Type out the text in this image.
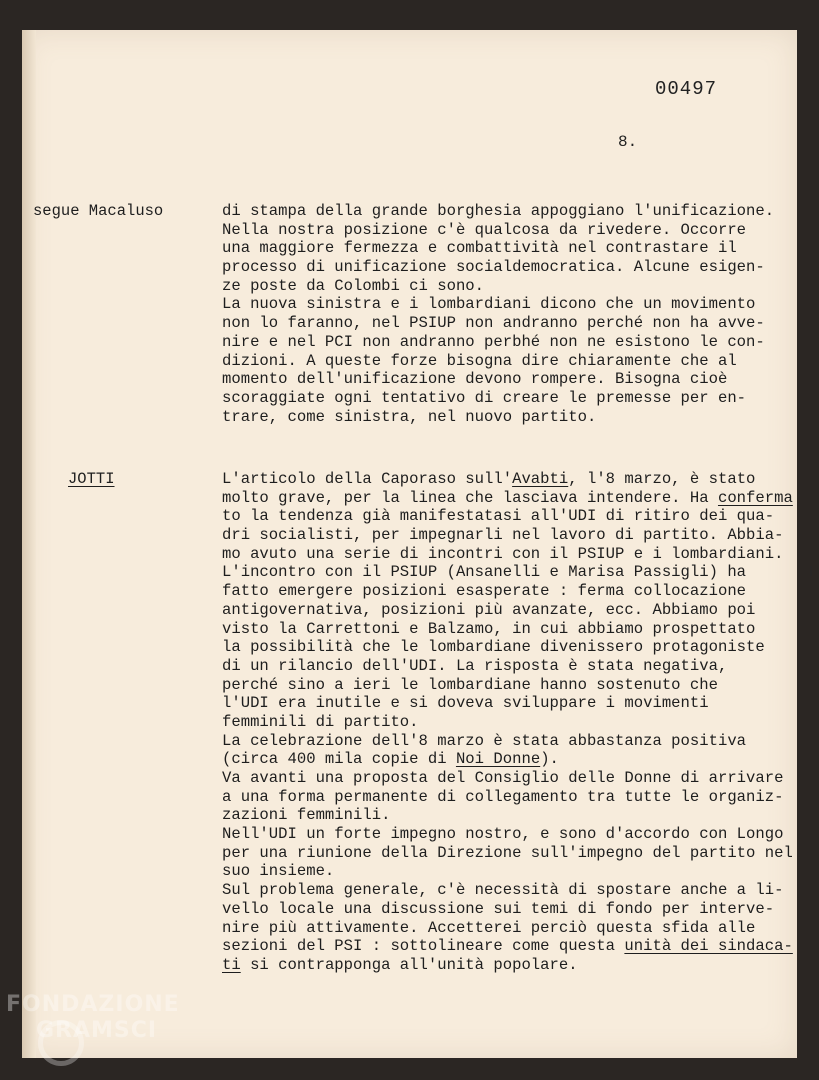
00497
8.
segue Macaluso	di stampa della grande borghesia appoggiano l'unificazione.
Nella nostra posizione c'è qualcosa da rivedere. Occorre
una maggiore fermezza e combattività nel contrastare il
processo di unificazione socialdemocratica. Alcune esigen-
ze poste da Colombi ci sono.
La nuova sinistra e i lombardiani dicono che un movimento
non lo faranno, nel PSIUP non andranno perché non ha avve-
nire e nel PCI non andranno perbhé non ne esistono le con-
dizioni. A queste forze bisogna dire chiaramente che al
momento dell'unificazione devono rompere. Bisogna cioè
scoraggiate ogni tentativo di creare le premesse per en-
trare, come sinistra, nel nuovo partito.
JOTTI	L'articolo della Caporaso sull'Avabti, l'8 marzo, è stato
molto grave, per la linea che lasciava intendere. Ha conferma
to la tendenza già manifestatasi all'UDI di ritiro dei qua-
dri socialisti, per impegnarli nel lavoro di partito. Abbia-
mo avuto una serie di incontri con il PSIUP e i lombardiani.
L'incontro con il PSIUP (Ansanelli e Marisa Passigli) ha
fatto emergere posizioni esasperate : ferma collocazione
antigovernativa, posizioni più avanzate, ecc. Abbiamo poi
visto la Carrettoni e Balzamo, in cui abbiamo prospettato
la possibilità che le lombardiane divenissero protagoniste
di un rilancio dell'UDI. La risposta è stata negativa,
perché sino a ieri le lombardiane hanno sostenuto che
l'UDI era inutile e si doveva sviluppare i movimenti
femminili di partito.
La celebrazione dell'8 marzo è stata abbastanza positiva
(circa 400 mila copie di Noi Donne).
Va avanti una proposta del Consiglio delle Donne di arrivare
a una forma permanente di collegamento tra tutte le organiz-
zazioni femminili.
Nell'UDI un forte impegno nostro, e sono d'accordo con Longo
per una riunione della Direzione sull'impegno del partito nel
suo insieme.
Sul problema generale, c'è necessità di spostare anche a li-
vello locale una discussione sui temi di fondo per interve-
nire più attivamente. Accetterei perciò questa sfida alle
sezioni del PSI : sottolineare come questa unità dei sindaca-
ti si contrapponga all'unità popolare.
FONDAZIONE
GRAMSCI
